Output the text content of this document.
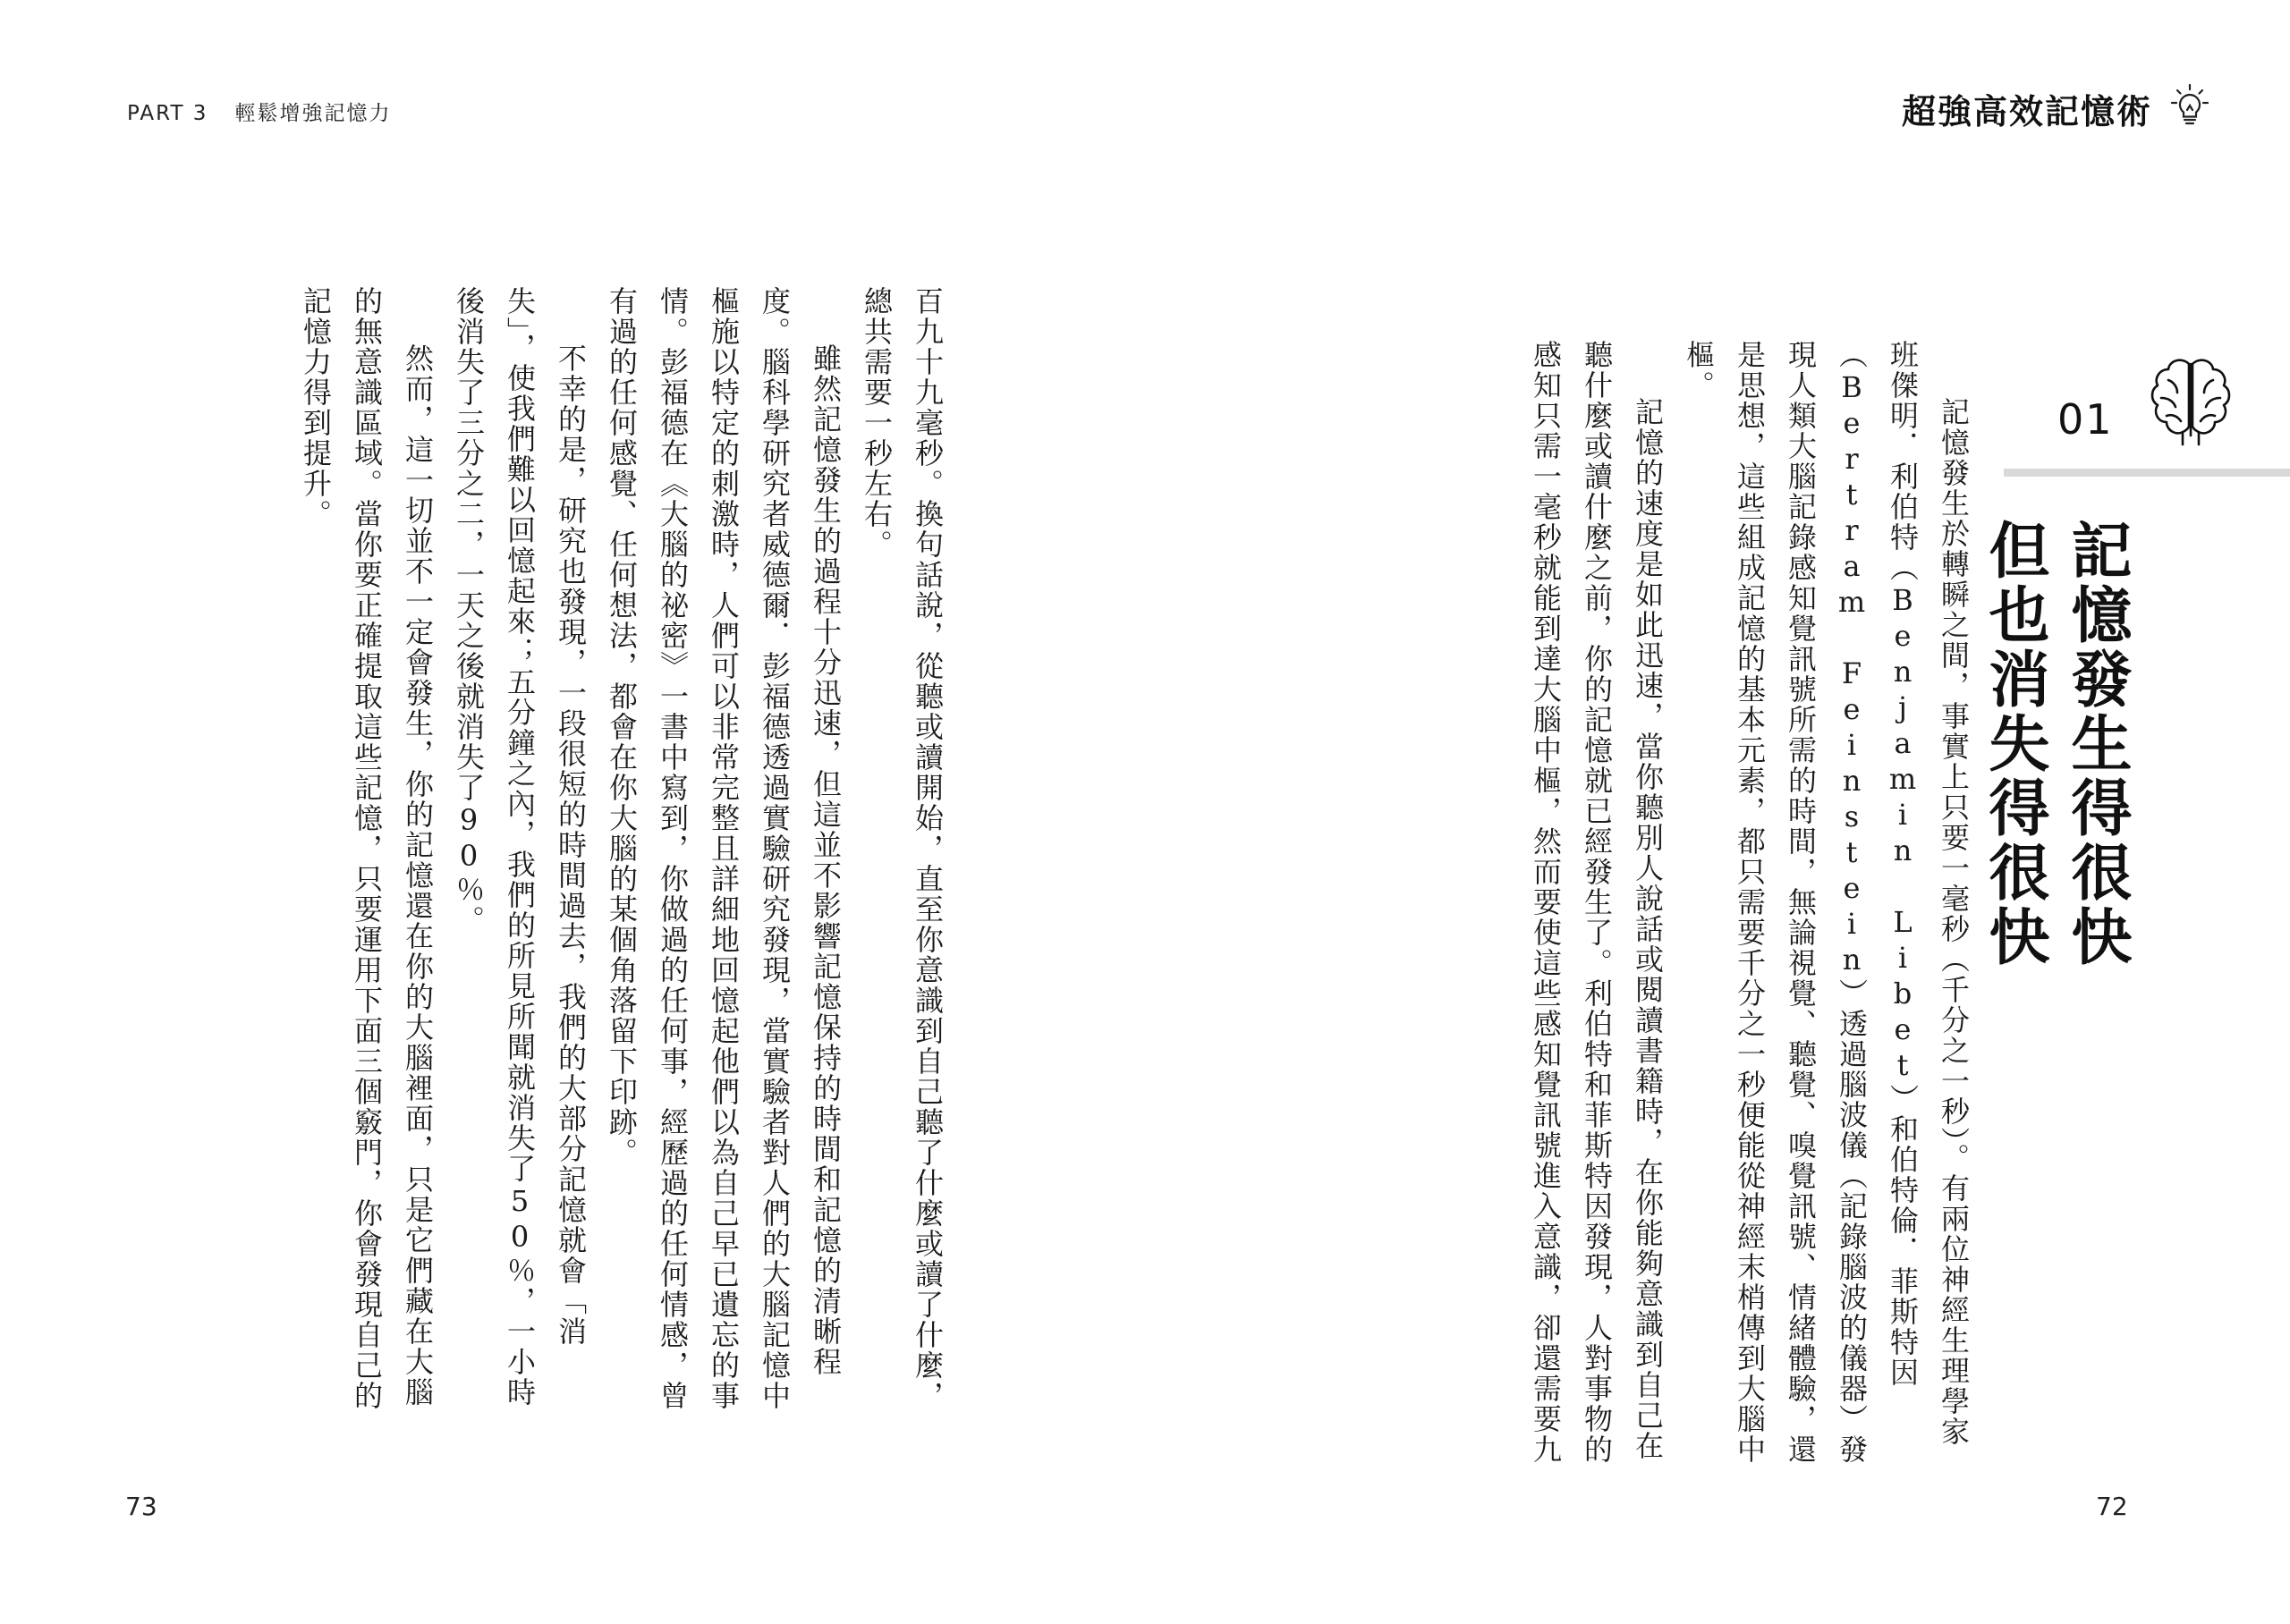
PART 3 輕鬆增強記憶力

百九十九毫秒。換句話說，從聽或讀開始，直至你意識到自己聽了什麼或讀了什麼，總共需要一秒左右。

雖然記憶發生的過程十分迅速，但這並不影響記憶保持的時間和記憶的清晰程度。腦科學研究者威德爾．彭福德透過實驗研究發現，當實驗者對人們的大腦記憶中樞施以特定的刺激時，人們可以非常完整且詳細地回憶起他們以為自己早已遺忘的事情。彭福德在《大腦的祕密》一書中寫到，你做過的任何事，經歷過的任何情感，曾有過的任何感覺、任何想法，都會在你大腦的某個角落留下印跡。

不幸的是，研究也發現，一段很短的時間過去，我們的大部分記憶就會「消失」，使我們難以回憶起來；五分鐘之內，我們的所見所聞就消失了50％，一小時後消失了三分之二，一天之後就消失了90％。

然而，這一切並不一定會發生，你的記憶還在你的大腦裡面，只是它們藏在大腦的無意識區域。當你要正確提取這些記憶，只要運用下面三個竅門，你會發現自己的記憶力得到提升。

73
超強高效記憶術
01
記憶發生得很快
但也消失得很快

記憶發生於轉瞬之間，事實上只要一毫秒（千分之一秒）。有兩位神經生理學家班傑明．利伯特（Benjamin Libet）和伯特倫．菲斯特因（Bertram Feinstein）透過腦波儀（記錄腦波的儀器）發現人類大腦記錄感知覺訊號所需的時間，無論視覺、聽覺、嗅覺訊號、情緒體驗，還是思想，這些組成記憶的基本元素，都只需要千分之一秒便能從神經末梢傳到大腦中樞。

記憶的速度是如此迅速，當你聽別人說話或閱讀書籍時，在你能夠意識到自己在聽什麼或讀什麼之前，你的記憶就已經發生了。利伯特和菲斯特因發現，人對事物的感知只需一毫秒就能到達大腦中樞，然而要使這些感知覺訊號進入意識，卻還需要九

72
